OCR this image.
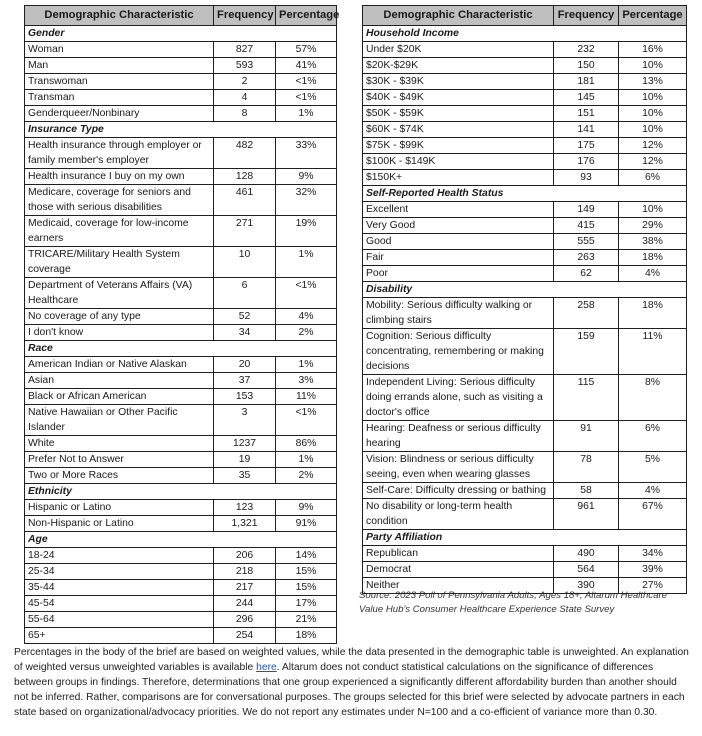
Demographic Characteristic	Frequency	Percentage
Gender		
Woman	827	57%
Man	593	41%
Transwoman	2	<1%
Transman	4	<1%
Genderqueer/Nonbinary	8	1%
Insurance Type		
Health insurance through employer or family member's employer	482	33%
Health insurance I buy on my own	128	9%
Medicare, coverage for seniors and those with serious disabilities	461	32%
Medicaid, coverage for low-income earners	271	19%
TRICARE/Military Health System coverage	10	1%
Department of Veterans Affairs (VA) Healthcare	6	<1%
No coverage of any type	52	4%
I don't know	34	2%
Race		
American Indian or Native Alaskan	20	1%
Asian	37	3%
Black or African American	153	11%
Native Hawaiian or Other Pacific Islander	3	<1%
White	1237	86%
Prefer Not to Answer	19	1%
Two or More Races	35	2%
Ethnicity		
Hispanic or Latino	123	9%
Non-Hispanic or Latino	1,321	91%
Age		
18-24	206	14%
25-34	218	15%
35-44	217	15%
45-54	244	17%
55-64	296	21%
65+	254	18%
Demographic Characteristic	Frequency	Percentage
Household Income		
Under $20K	232	16%
$20K-$29K	150	10%
$30K - $39K	181	13%
$40K - $49K	145	10%
$50K - $59K	151	10%
$60K - $74K	141	10%
$75K - $99K	175	12%
$100K - $149K	176	12%
$150K+	93	6%
Self-Reported Health Status		
Excellent	149	10%
Very Good	415	29%
Good	555	38%
Fair	263	18%
Poor	62	4%
Disability		
Mobility: Serious difficulty walking or climbing stairs	258	18%
Cognition: Serious difficulty concentrating, remembering or making decisions	159	11%
Independent Living: Serious difficulty doing errands alone, such as visiting a doctor's office	115	8%
Hearing: Deafness or serious difficulty hearing	91	6%
Vision: Blindness or serious difficulty seeing, even when wearing glasses	78	5%
Self-Care: Difficulty dressing or bathing	58	4%
No disability or long-term health condition	961	67%
Party Affiliation		
Republican	490	34%
Democrat	564	39%
Neither	390	27%
Source: 2023 Poll of Pennsylvania Adults, Ages 18+, Altarum Healthcare Value Hub's Consumer Healthcare Experience State Survey
Percentages in the body of the brief are based on weighted values, while the data presented in the demographic table is unweighted. An explanation of weighted versus unweighted variables is available here. Altarum does not conduct statistical calculations on the significance of differences between groups in findings. Therefore, determinations that one group experienced a significantly different affordability burden than another should not be inferred. Rather, comparisons are for conversational purposes. The groups selected for this brief were selected by advocate partners in each state based on organizational/advocacy priorities. We do not report any estimates under N=100 and a co-efficient of variance more than 0.30.
